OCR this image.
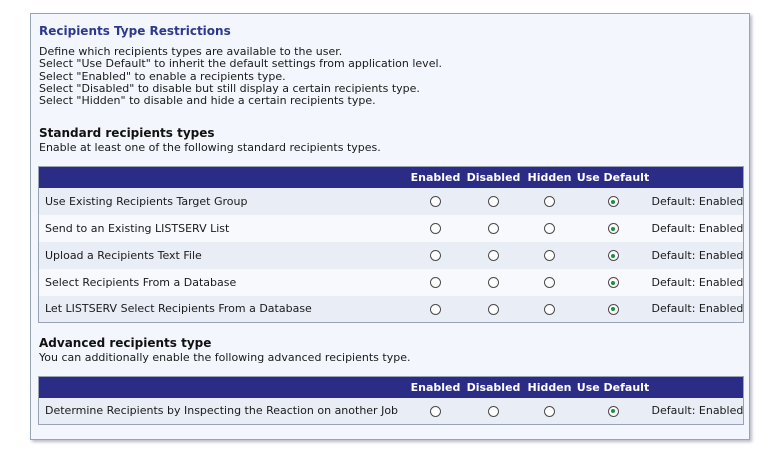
Recipients Type Restrictions
Define which recipients types are available to the user.
Select "Use Default" to inherit the default settings from application level.
Select "Enabled" to enable a recipients type.
Select "Disabled" to disable but still display a certain recipients type.
Select "Hidden" to disable and hide a certain recipients type.
Standard recipients types
Enable at least one of the following standard recipients types.
	Enabled	Disabled	Hidden	Use Default	
Use Existing Recipients Target Group					Default: Enabled
Send to an Existing LISTSERV List					Default: Enabled
Upload a Recipients Text File					Default: Enabled
Select Recipients From a Database					Default: Enabled
Let LISTSERV Select Recipients From a Database					Default: Enabled
Advanced recipients type
You can additionally enable the following advanced recipients type.
	Enabled	Disabled	Hidden	Use Default	
Determine Recipients by Inspecting the Reaction on another Job					Default: Enabled
